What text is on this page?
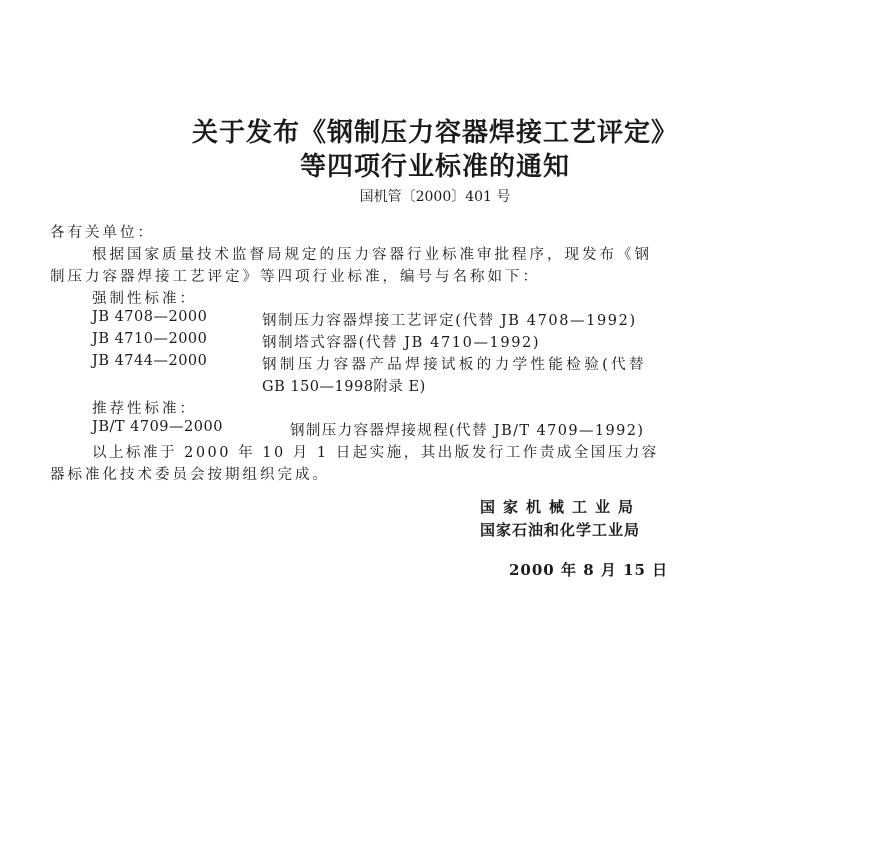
关于发布《钢制压力容器焊接工艺评定》
等四项行业标准的通知
国机管〔2000〕401 号
各有关单位：
根据国家质量技术监督局规定的压力容器行业标准审批程序，现发布《钢
制压力容器焊接工艺评定》等四项行业标准，编号与名称如下：
强制性标准：
JB 4708—2000	钢制压力容器焊接工艺评定(代替 JB 4708—1992)
JB 4710—2000	钢制塔式容器(代替 JB 4710—1992)
JB 4744—2000	钢制压力容器产品焊接试板的力学性能检验(代替
GB 150—1998附录 E)
推荐性标准：
JB/T 4709—2000	钢制压力容器焊接规程(代替 JB/T 4709—1992)
以上标准于 2000 年 10 月 1 日起实施，其出版发行工作责成全国压力容
器标准化技术委员会按期组织完成。
国家机械工业局
国家石油和化学工业局
2000 年 8 月 15 日
